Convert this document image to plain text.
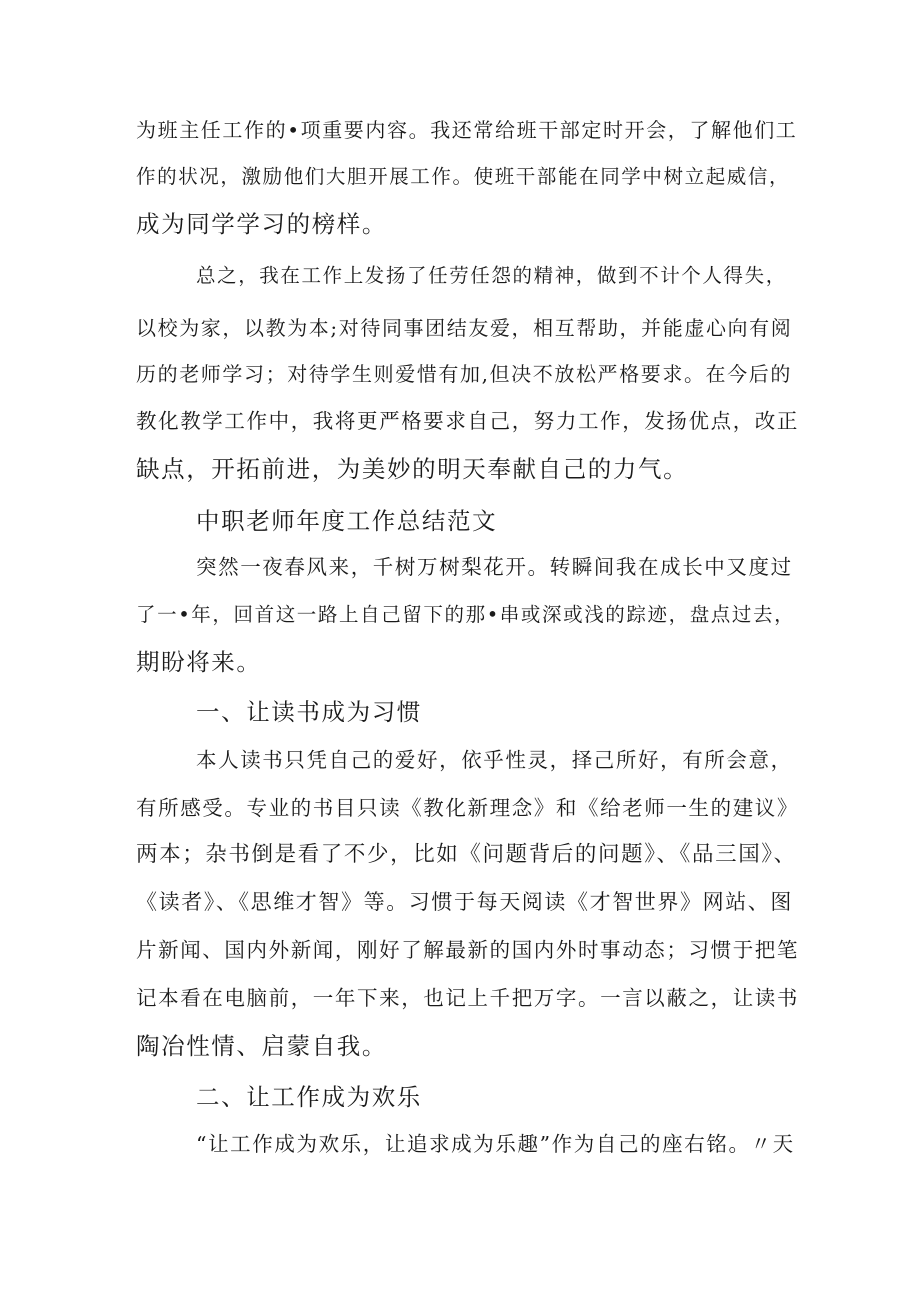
为班主任工作的•项重要内容。我还常给班干部定时开会，了解他们工
作的状况，激励他们大胆开展工作。使班干部能在同学中树立起威信，
成为同学学习的榜样。
总之，我在工作上发扬了任劳任怨的精神，做到不计个人得失，
以校为家，以教为本;对待同事团结友爱，相互帮助，并能虚心向有阅
历的老师学习；对待学生则爱惜有加,但决不放松严格要求。在今后的
教化教学工作中，我将更严格要求自己，努力工作，发扬优点，改正
缺点，开拓前进，为美妙的明天奉献自己的力气。
中职老师年度工作总结范文
突然一夜春风来，千树万树梨花开。转瞬间我在成长中又度过
了一•年，回首这一路上自己留下的那•串或深或浅的踪迹，盘点过去，
期盼将来。
一、让读书成为习惯
本人读书只凭自己的爱好，依乎性灵，择己所好，有所会意，
有所感受。专业的书目只读《教化新理念》和《给老师一生的建议》
两本；杂书倒是看了不少，比如《问题背后的问题》、《品三国》、
《读者》、《思维才智》等。习惯于每天阅读《才智世界》网站、图
片新闻、国内外新闻，刚好了解最新的国内外时事动态；习惯于把笔
记本看在电脑前，一年下来，也记上千把万字。一言以蔽之，让读书
陶冶性情、启蒙自我。
二、让工作成为欢乐
“让工作成为欢乐，让追求成为乐趣”作为自己的座右铭。〃天
